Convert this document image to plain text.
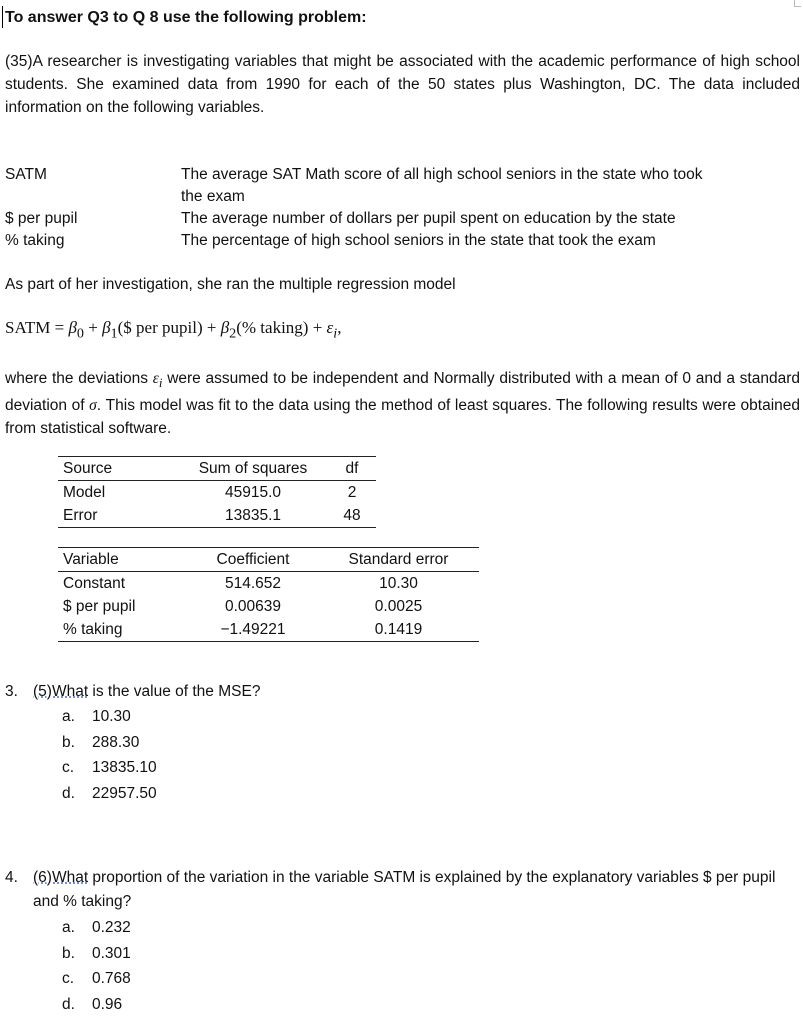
To answer Q3 to Q 8 use the following problem:
(35)A researcher is investigating variables that might be associated with the academic performance of high school students. She examined data from 1990 for each of the 50 states plus Washington, DC. The data included information on the following variables.
SATM	The average SAT Math score of all high school seniors in the state who took the exam
$ per pupil	The average number of dollars per pupil spent on education by the state
% taking	The percentage of high school seniors in the state that took the exam
As part of her investigation, she ran the multiple regression model
SATM = $\beta_0$ + $\beta_1(\$$ per pupil) + $\beta_2(\%$ taking) + $\varepsilon_i$,
where the deviations $\varepsilon_i$ were assumed to be independent and Normally distributed with a mean of 0 and a standard deviation of σ. This model was fit to the data using the method of least squares. The following results were obtained from statistical software.
Source	Sum of squares	df
Model	45915.0	2
Error	13835.1	48
Variable	Coefficient	Standard error
Constant	514.652	10.30
$ per pupil	0.00639	0.0025
% taking	−1.49221	0.1419
3. (5)What is the value of the MSE?
a. 10.30
b. 288.30
c. 13835.10
d. 22957.50
4. (6)What proportion of the variation in the variable SATM is explained by the explanatory variables $ per pupil and % taking?
a. 0.232
b. 0.301
c. 0.768
d. 0.96
